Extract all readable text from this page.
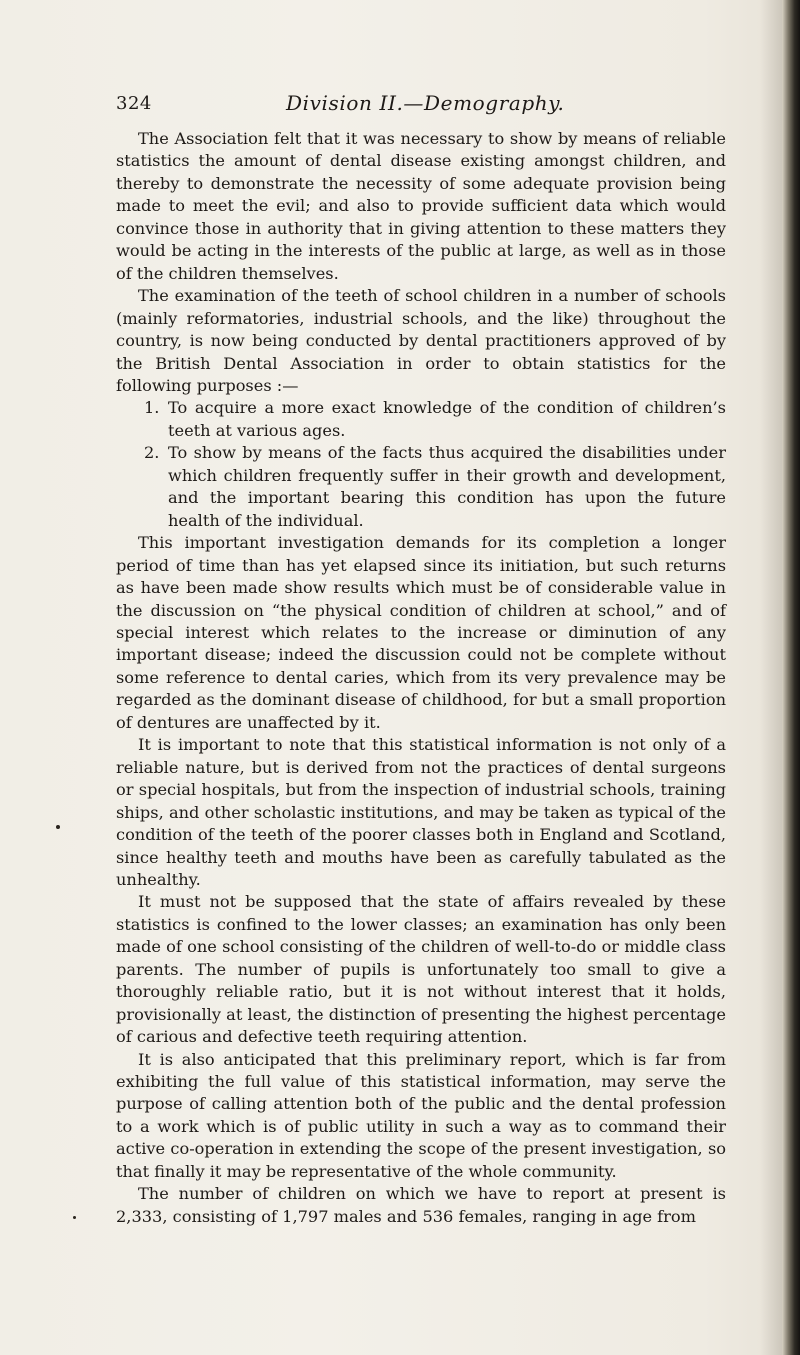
324	Division II.—Demography.

The Association felt that it was necessary to show by means of reliable statistics the amount of dental disease existing amongst children, and thereby to demonstrate the necessity of some adequate provision being made to meet the evil; and also to provide sufficient data which would convince those in authority that in giving attention to these matters they would be acting in the interests of the public at large, as well as in those of the children themselves.

The examination of the teeth of school children in a number of schools (mainly reformatories, industrial schools, and the like) throughout the country, is now being conducted by dental practitioners approved of by the British Dental Association in order to obtain statistics for the following purposes :—

1. To acquire a more exact knowledge of the condition of children’s teeth at various ages.

2. To show by means of the facts thus acquired the disabilities under which children frequently suffer in their growth and development, and the important bearing this condition has upon the future health of the individual.

This important investigation demands for its completion a longer period of time than has yet elapsed since its initiation, but such returns as have been made show results which must be of considerable value in the discussion on “the physical condition of children at school,” and of special interest which relates to the increase or diminution of any important disease; indeed the discussion could not be complete without some reference to dental caries, which from its very prevalence may be regarded as the dominant disease of childhood, for but a small proportion of dentures are unaffected by it.

It is important to note that this statistical information is not only of a reliable nature, but is derived from not the practices of dental surgeons or special hospitals, but from the inspection of industrial schools, training ships, and other scholastic institutions, and may be taken as typical of the condition of the teeth of the poorer classes both in England and Scotland, since healthy teeth and mouths have been as carefully tabulated as the unhealthy.

It must not be supposed that the state of affairs revealed by these statistics is confined to the lower classes; an examination has only been made of one school consisting of the children of well-to-do or middle class parents. The number of pupils is unfortunately too small to give a thoroughly reliable ratio, but it is not without interest that it holds, provisionally at least, the distinction of presenting the highest percentage of carious and defective teeth requiring attention.

It is also anticipated that this preliminary report, which is far from exhibiting the full value of this statistical information, may serve the purpose of calling attention both of the public and the dental profession to a work which is of public utility in such a way as to command their active co-operation in extending the scope of the present investigation, so that finally it may be representative of the whole community.

The number of children on which we have to report at present is 2,333, consisting of 1,797 males and 536 females, ranging in age from
